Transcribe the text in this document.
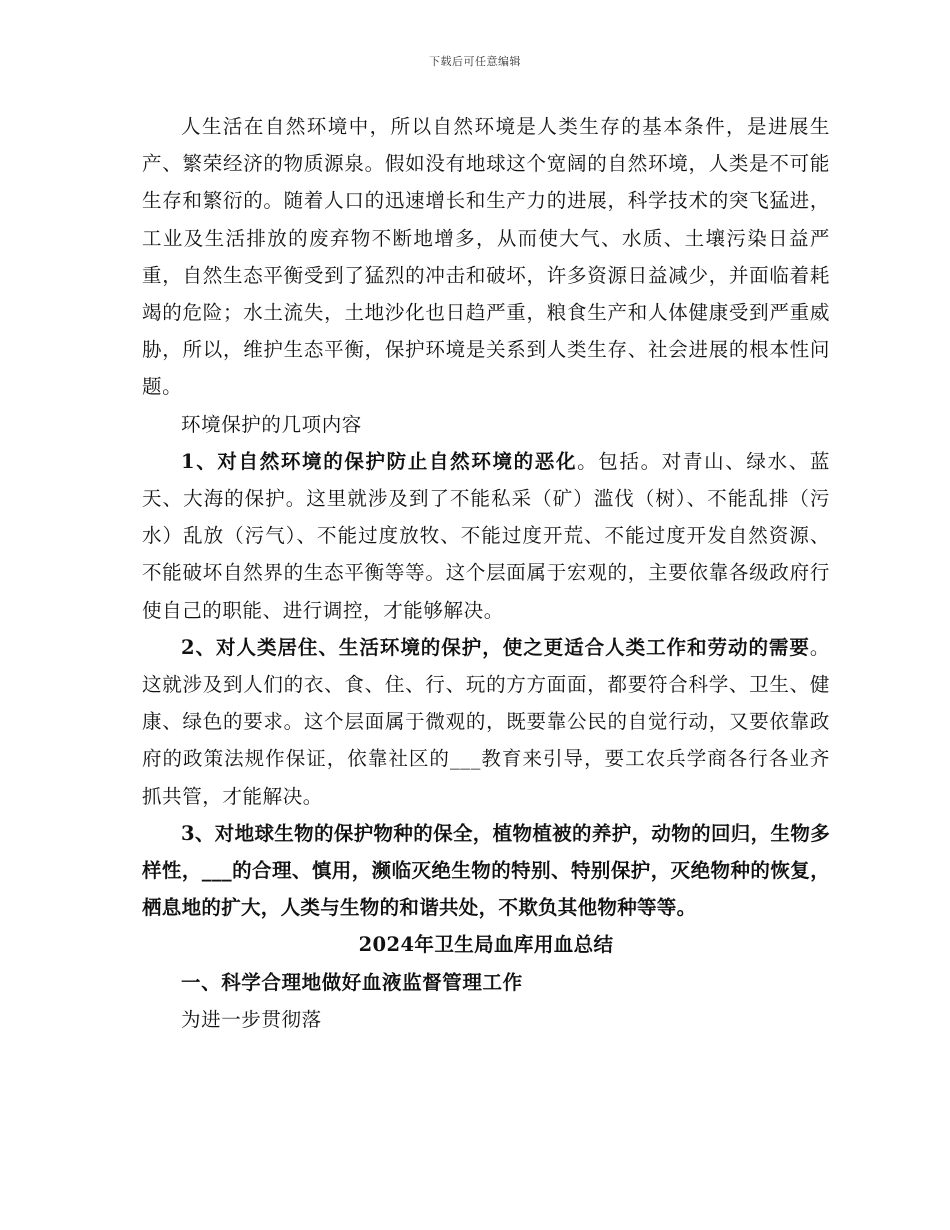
下载后可任意编辑

人生活在自然环境中，所以自然环境是人类生存的基本条件，是进展生产、繁荣经济的物质源泉。假如没有地球这个宽阔的自然环境，人类是不可能生存和繁衍的。随着人口的迅速增长和生产力的进展，科学技术的突飞猛进，工业及生活排放的废弃物不断地增多，从而使大气、水质、土壤污染日益严重，自然生态平衡受到了猛烈的冲击和破坏，许多资源日益减少，并面临着耗竭的危险；水土流失，土地沙化也日趋严重，粮食生产和人体健康受到严重威胁，所以，维护生态平衡，保护环境是关系到人类生存、社会进展的根本性问题。

环境保护的几项内容

1、对自然环境的保护防止自然环境的恶化。包括。对青山、绿水、蓝天、大海的保护。这里就涉及到了不能私采（矿）滥伐（树）、不能乱排（污水）乱放（污气）、不能过度放牧、不能过度开荒、不能过度开发自然资源、不能破坏自然界的生态平衡等等。这个层面属于宏观的，主要依靠各级政府行使自己的职能、进行调控，才能够解决。

2、对人类居住、生活环境的保护，使之更适合人类工作和劳动的需要。这就涉及到人们的衣、食、住、行、玩的方方面面，都要符合科学、卫生、健康、绿色的要求。这个层面属于微观的，既要靠公民的自觉行动，又要依靠政府的政策法规作保证，依靠社区的___教育来引导，要工农兵学商各行各业齐抓共管，才能解决。

3、对地球生物的保护物种的保全，植物植被的养护，动物的回归，生物多样性，___的合理、慎用，濒临灭绝生物的特别、特别保护，灭绝物种的恢复，栖息地的扩大，人类与生物的和谐共处，不欺负其他物种等等。

2024年卫生局血库用血总结

一、科学合理地做好血液监督管理工作

为进一步贯彻落
